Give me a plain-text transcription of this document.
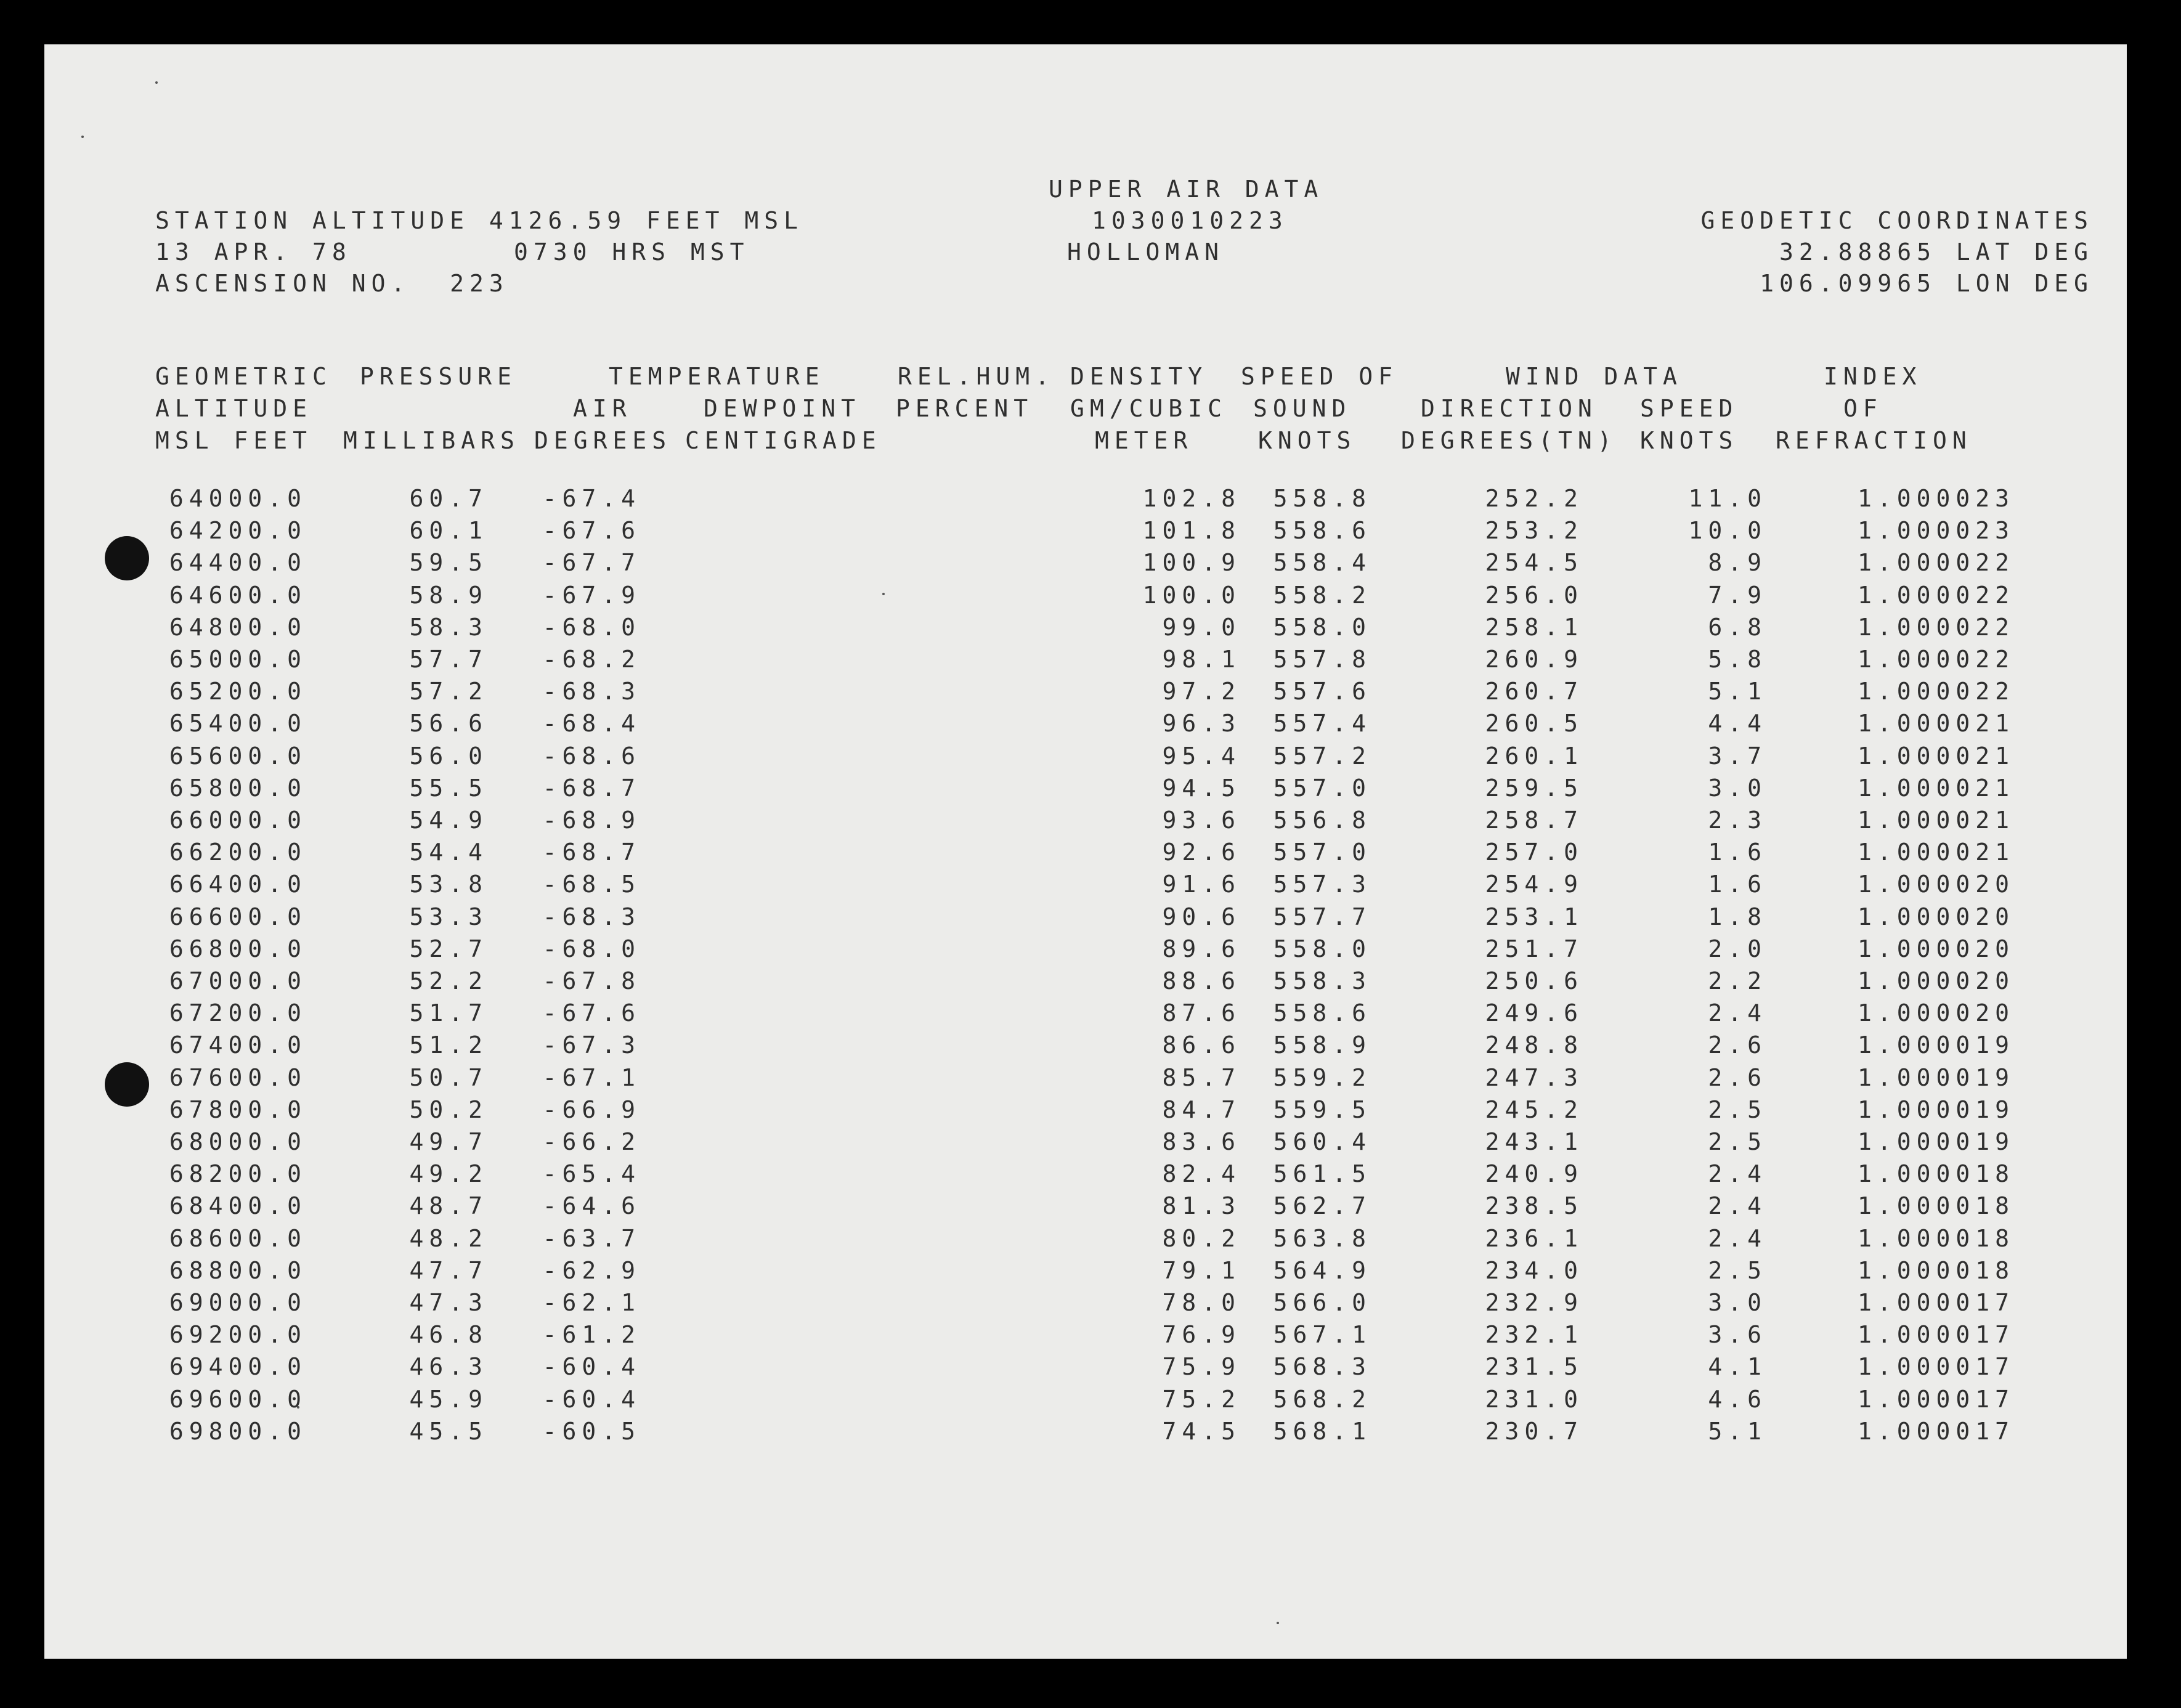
UPPER AIR DATA
1030010223
HOLLOMAN
STATION ALTITUDE 4126.59 FEET MSL
13 APR. 78	0730 HRS MST
ASCENSION NO.  223
GEODETIC COORDINATES
32.88865 LAT DEG
106.09965 LON DEG
GEOMETRIC
ALTITUDE
MSL FEET
PRESSURE
MILLIBARS
TEMPERATURE
AIR
DEGREES
DEWPOINT
CENTIGRADE
REL.HUM.
PERCENT
DENSITY
GM/CUBIC
METER
SPEED OF
SOUND
KNOTS
WIND DATA
DIRECTION
DEGREES(TN)
SPEED
KNOTS
INDEX
OF
REFRACTION
64000.0	60.7 -67.4	102.8 558.8	252.2	11.0	1.000023
64200.0	60.1 -67.6	101.8 558.6	253.2	10.0	1.000023
64400.0	59.5 -67.7	100.9 558.4	254.5	8.9	1.000022
64600.0	58.9 -67.9	100.0 558.2	256.0	7.9	1.000022
64800.0	58.3 -68.0	99.0 558.0	258.1	6.8	1.000022
65000.0	57.7 -68.2	98.1 557.8	260.9	5.8	1.000022
65200.0	57.2 -68.3	97.2 557.6	260.7	5.1	1.000022
65400.0	56.6 -68.4	96.3 557.4	260.5	4.4	1.000021
65600.0	56.0 -68.6	95.4 557.2	260.1	3.7	1.000021
65800.0	55.5 -68.7	94.5 557.0	259.5	3.0	1.000021
66000.0	54.9 -68.9	93.6 556.8	258.7	2.3	1.000021
66200.0	54.4 -68.7	92.6 557.0	257.0	1.6	1.000021
66400.0	53.8 -68.5	91.6 557.3	254.9	1.6	1.000020
66600.0	53.3 -68.3	90.6 557.7	253.1	1.8	1.000020
66800.0	52.7 -68.0	89.6 558.0	251.7	2.0	1.000020
67000.0	52.2 -67.8	88.6 558.3	250.6	2.2	1.000020
67200.0	51.7 -67.6	87.6 558.6	249.6	2.4	1.000020
67400.0	51.2 -67.3	86.6 558.9	248.8	2.6	1.000019
67600.0	50.7 -67.1	85.7 559.2	247.3	2.6	1.000019
67800.0	50.2 -66.9	84.7 559.5	245.2	2.5	1.000019
68000.0	49.7 -66.2	83.6 560.4	243.1	2.5	1.000019
68200.0	49.2 -65.4	82.4 561.5	240.9	2.4	1.000018
68400.0	48.7 -64.6	81.3 562.7	238.5	2.4	1.000018
68600.0	48.2 -63.7	80.2 563.8	236.1	2.4	1.000018
68800.0	47.7 -62.9	79.1 564.9	234.0	2.5	1.000018
69000.0	47.3 -62.1	78.0 566.0	232.9	3.0	1.000017
69200.0	46.8 -61.2	76.9 567.1	232.1	3.6	1.000017
69400.0	46.3 -60.4	75.9 568.3	231.5	4.1	1.000017
69600.0	45.9 -60.4	75.2 568.2	231.0	4.6	1.000017
69800.0	45.5 -60.5	74.5 568.1	230.7	5.1	1.000017
